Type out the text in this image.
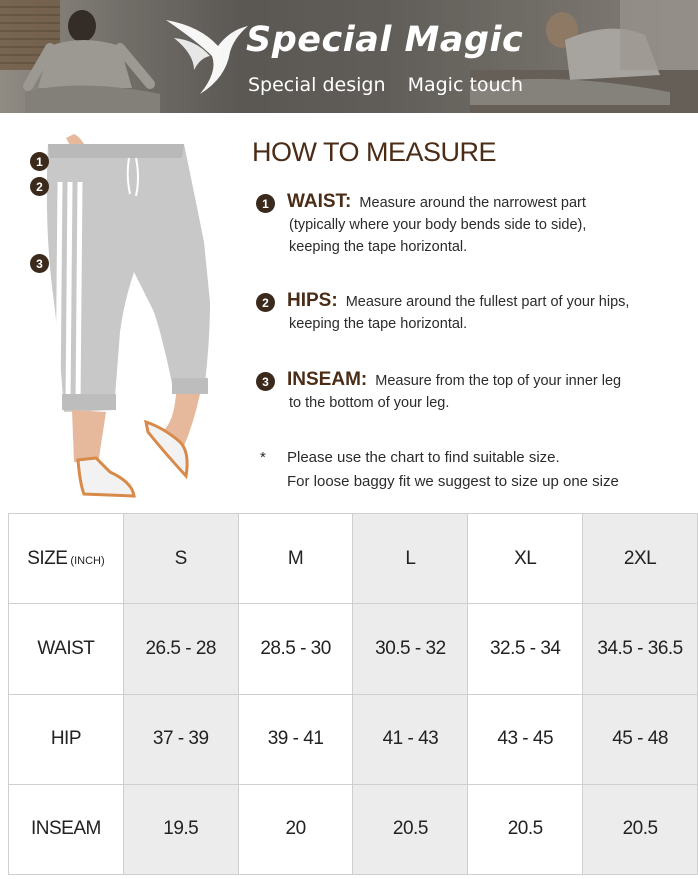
Special Magic
Special design Magic touch
1
2
3
HOW TO MEASURE
1 WAIST: Measure around the narrowest part
(typically where your body bends side to side),
keeping the tape horizontal.
2 HIPS: Measure around the fullest part of your hips,
keeping the tape horizontal.
3 INSEAM: Measure from the top of your inner leg
to the bottom of your leg.
* Please use the chart to find suitable size.
For loose baggy fit we suggest to size up one size
SIZE (INCH)	S	M	L	XL	2XL
WAIST	26.5 - 28	28.5 - 30	30.5 - 32	32.5 - 34	34.5 - 36.5
HIP	37 - 39	39 - 41	41 - 43	43 - 45	45 - 48
INSEAM	19.5	20	20.5	20.5	20.5
